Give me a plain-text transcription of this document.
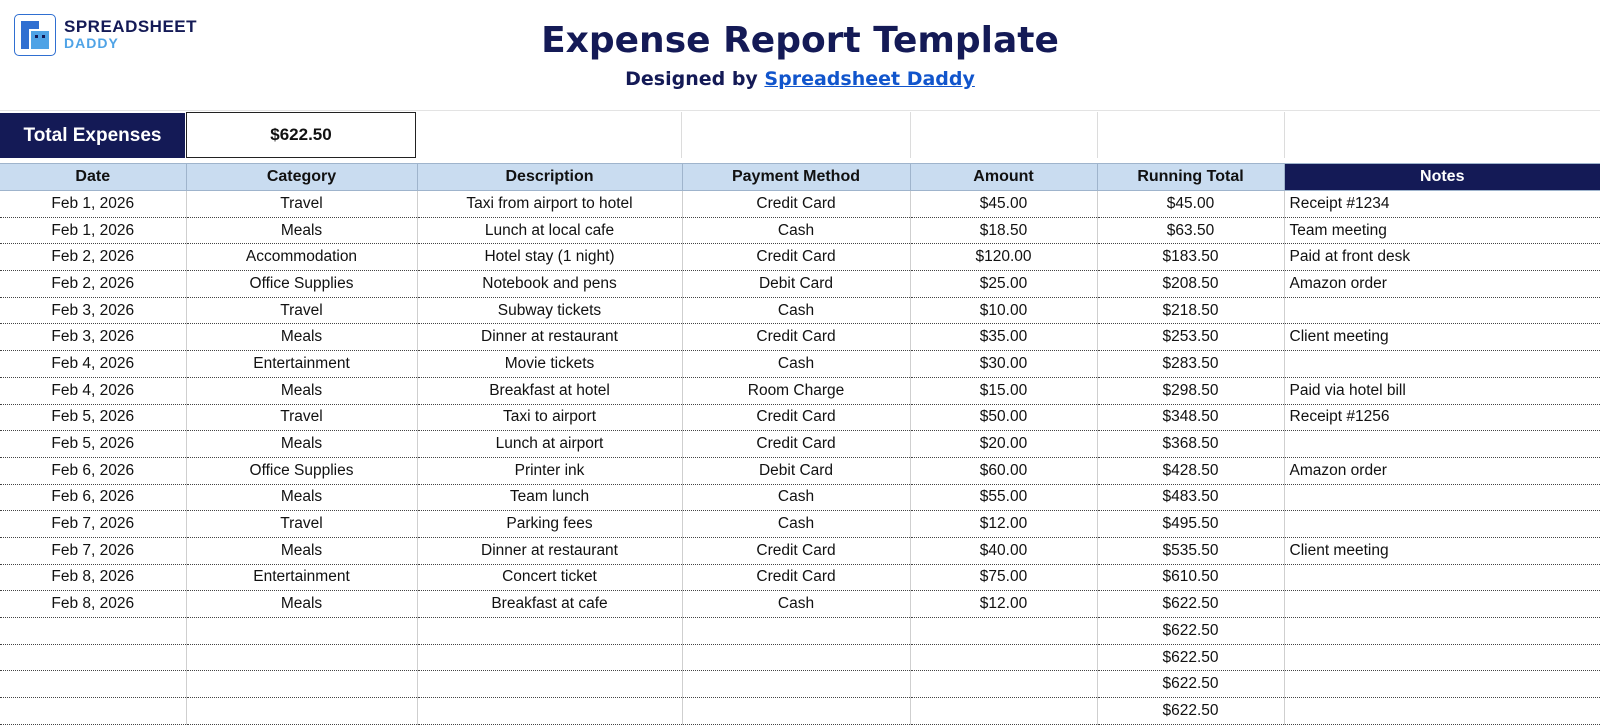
SPREADSHEET
DADDY	Expense Report Template
Designed by Spreadsheet Daddy
Total Expenses	$622.50
Date	Category	Description	Payment Method	Amount	Running Total	Notes
Feb 1, 2026	Travel	Taxi from airport to hotel	Credit Card	$45.00	$45.00	Receipt #1234
Feb 1, 2026	Meals	Lunch at local cafe	Cash	$18.50	$63.50	Team meeting
Feb 2, 2026	Accommodation	Hotel stay (1 night)	Credit Card	$120.00	$183.50	Paid at front desk
Feb 2, 2026	Office Supplies	Notebook and pens	Debit Card	$25.00	$208.50	Amazon order
Feb 3, 2026	Travel	Subway tickets	Cash	$10.00	$218.50	
Feb 3, 2026	Meals	Dinner at restaurant	Credit Card	$35.00	$253.50	Client meeting
Feb 4, 2026	Entertainment	Movie tickets	Cash	$30.00	$283.50	
Feb 4, 2026	Meals	Breakfast at hotel	Room Charge	$15.00	$298.50	Paid via hotel bill
Feb 5, 2026	Travel	Taxi to airport	Credit Card	$50.00	$348.50	Receipt #1256
Feb 5, 2026	Meals	Lunch at airport	Credit Card	$20.00	$368.50	
Feb 6, 2026	Office Supplies	Printer ink	Debit Card	$60.00	$428.50	Amazon order
Feb 6, 2026	Meals	Team lunch	Cash	$55.00	$483.50	
Feb 7, 2026	Travel	Parking fees	Cash	$12.00	$495.50	
Feb 7, 2026	Meals	Dinner at restaurant	Credit Card	$40.00	$535.50	Client meeting
Feb 8, 2026	Entertainment	Concert ticket	Credit Card	$75.00	$610.50	
Feb 8, 2026	Meals	Breakfast at cafe	Cash	$12.00	$622.50	
					$622.50	
					$622.50	
					$622.50	
					$622.50	
